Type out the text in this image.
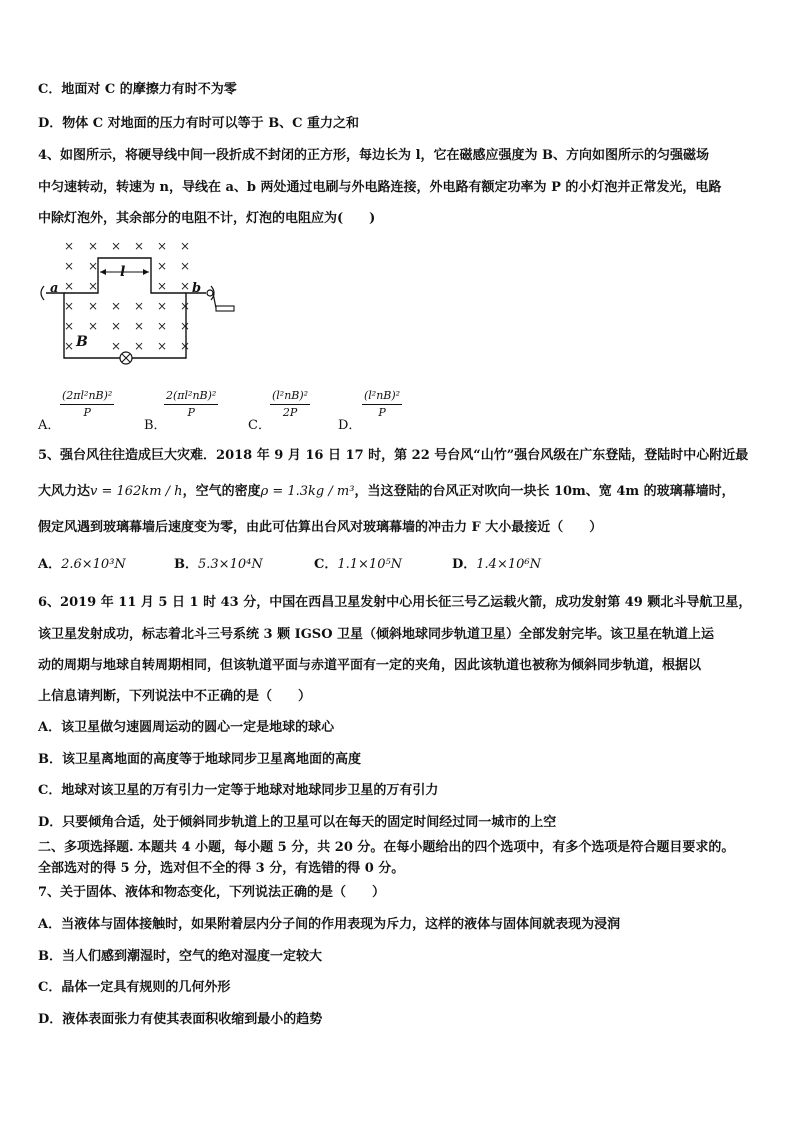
C．地面对 C 的摩擦力有时不为零
D．物体 C 对地面的压力有时可以等于 B、C 重力之和
4、如图所示，将硬导线中间一段折成不封闭的正方形，每边长为 l，它在磁感应强度为 B、方向如图所示的匀强磁场
中匀速转动，转速为 n，导线在 a、b 两处通过电刷与外电路连接，外电路有额定功率为 P 的小灯泡并正常发光，电路
中除灯泡外，其余部分的电阻不计，灯泡的电阻应为(　　)
× × × × × ×
× ×	× ×
× ×	× ×
× × × × × ×
× × × × × ×
× × × ×
×
l
a	b
B
A．
$\frac{\text{(2πl²nB)²}}{P}$
B．
$\frac{\text{2(πl²nB)²}}{P}$
C．
$\frac{\text{(l²nB)²}}{2P}$
D．
$\frac{\text{(l²nB)²}}{P}$
5、强台风往往造成巨大灾难．2018 年 9 月 16 日 17 时，第 22 号台风“山竹”强台风级在广东登陆，登陆时中心附近最
大风力达v = 162km / h，空气的密度ρ = 1.3kg / m³，当这登陆的台风正对吹向一块长 10m、宽 4m 的玻璃幕墙时，
假定风遇到玻璃幕墙后速度变为零，由此可估算出台风对玻璃幕墙的冲击力 F 大小最接近（　　）
A．2.6×10³N	B．5.3×10⁴N	C．1.1×10⁵N	D．1.4×10⁶N
6、2019 年 11 月 5 日 1 时 43 分，中国在西昌卫星发射中心用长征三号乙运载火箭，成功发射第 49 颗北斗导航卫星，
该卫星发射成功，标志着北斗三号系统 3 颗 IGSO 卫星（倾斜地球同步轨道卫星）全部发射完毕。该卫星在轨道上运
动的周期与地球自转周期相同，但该轨道平面与赤道平面有一定的夹角，因此该轨道也被称为倾斜同步轨道，根据以
上信息请判断，下列说法中不正确的是（　　）
A．该卫星做匀速圆周运动的圆心一定是地球的球心
B．该卫星离地面的高度等于地球同步卫星离地面的高度
C．地球对该卫星的万有引力一定等于地球对地球同步卫星的万有引力
D．只要倾角合适，处于倾斜同步轨道上的卫星可以在每天的固定时间经过同一城市的上空
二、多项选择题. 本题共 4 小题，每小题 5 分，共 20 分。在每小题给出的四个选项中，有多个选项是符合题目要求的。
全部选对的得 5 分，选对但不全的得 3 分，有选错的得 0 分。
7、关于固体、液体和物态变化，下列说法正确的是（　　）
A．当液体与固体接触时，如果附着层内分子间的作用表现为斥力，这样的液体与固体间就表现为浸润
B．当人们感到潮湿时，空气的绝对湿度一定较大
C．晶体一定具有规则的几何外形
D．液体表面张力有使其表面积收缩到最小的趋势
